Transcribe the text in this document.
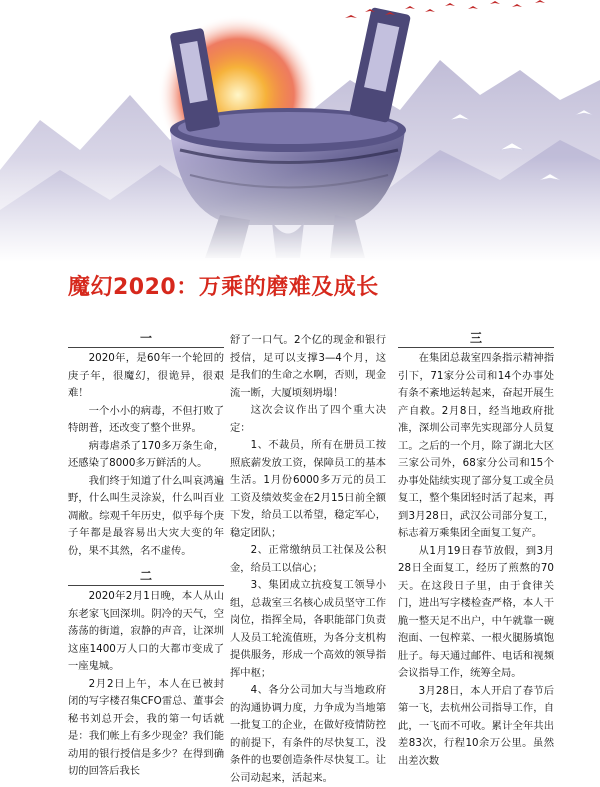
魔幻2020：万乘的磨难及成长
一

2020年，是60年一个轮回的庚子年，很魔幻，很诡异，很艰难！

一个小小的病毒，不但打败了特朗普，还改变了整个世界。

病毒虐杀了170多万条生命，还感染了8000多万鲜活的人。

我们终于知道了什么叫哀鸿遍野，什么叫生灵涂炭，什么叫百业凋敝。综观千年历史，似乎每个庚子年都是最容易出大灾大变的年份，果不其然，名不虚传。

二

2020年2月1日晚，本人从山东老家飞回深圳。阴冷的天气，空荡荡的街道，寂静的声音，让深圳这座1400万人口的大都市变成了一座鬼城。

2月2日上午，本人在已被封闭的写字楼召集CFO雷总、董事会秘书刘总开会，我的第一句话就是：我们帐上有多少现金？我们能动用的银行授信是多少？在得到确切的回答后我长

舒了一口气。2个亿的现金和银行授信，足可以支撑3—4个月，这是我们的生命之水啊，否则，现金流一断，大厦顷刻坍塌！

这次会议作出了四个重大决定：

1、不裁员，所有在册员工按照底薪发放工资，保障员工的基本生活。1月份6000多万元的员工工资及绩效奖金在2月15日前全额下发，给员工以希望，稳定军心，稳定团队；

2、正常缴纳员工社保及公积金，给员工以信心；

3、集团成立抗疫复工领导小组，总裁室三名核心成员坚守工作岗位，指挥全局，各职能部门负责人及员工轮流值班，为各分支机构提供服务，形成一个高效的领导指挥中枢；

4、各分公司加大与当地政府的沟通协调力度，力争成为当地第一批复工的企业，在做好疫情防控的前提下，有条件的尽快复工，没条件的也要创造条件尽快复工。让公司动起来，活起来。

三

在集团总裁室四条指示精神指引下，71家分公司和14个办事处有条不紊地运转起来，奋起开展生产自救。2月8日，经当地政府批准，深圳公司率先实现部分人员复工。之后的一个月，除了湖北大区三家公司外，68家分公司和15个办事处陆续实现了部分复工或全员复工，整个集团轻时活了起来，再到3月28日，武汉公司部分复工，标志着万乘集团全面复工复产。

从1月19日春节放假，到3月28日全面复工，经历了煎熬的70天。在这段日子里，由于食律关门，进出写字楼检查严格，本人干脆一整天足不出户，中午就靠一碗泡面、一包榨菜、一根火腿肠填饱肚子。每天通过邮件、电话和视频会议指导工作，统筹全局。

3月28日，本人开启了春节后第一飞，去杭州公司指导工作，自此，一飞而不可收。累计全年共出差83次，行程10余万公里。虽然出差次数
